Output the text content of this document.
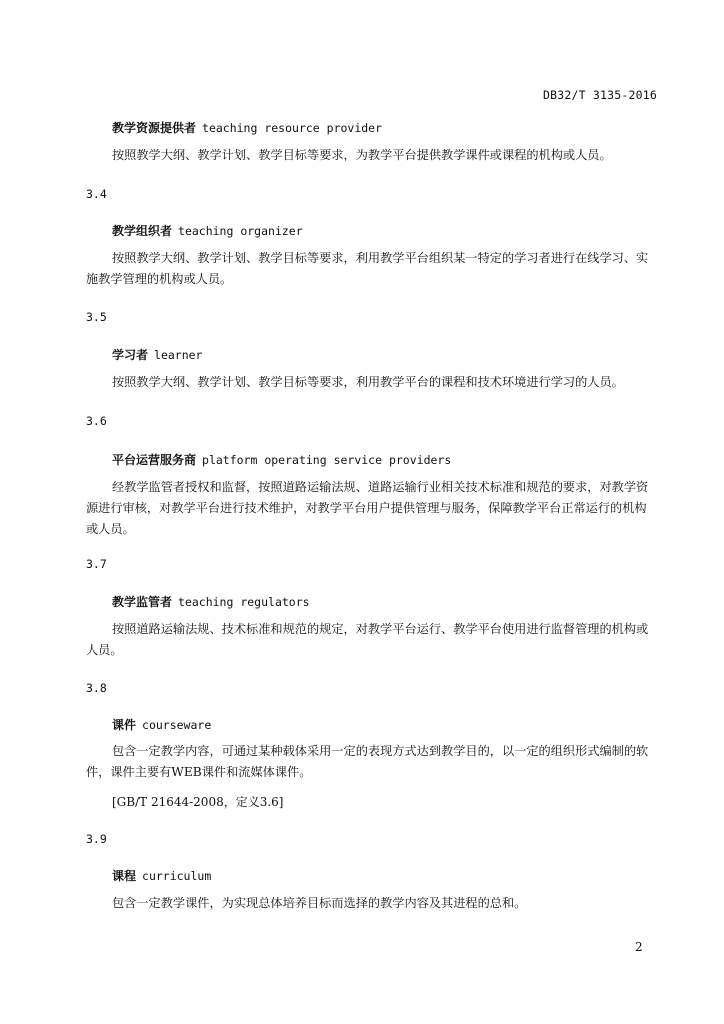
DB32/T 3135-2016
教学资源提供者 teaching resource provider

按照教学大纲、教学计划、教学目标等要求，为教学平台提供教学课件或课程的机构或人员。

3.4
教学组织者 teaching organizer

按照教学大纲、教学计划、教学目标等要求，利用教学平台组织某一特定的学习者进行在线学习、实施教学管理的机构或人员。

3.5
学习者 learner

按照教学大纲、教学计划、教学目标等要求，利用教学平台的课程和技术环境进行学习的人员。

3.6
平台运营服务商 platform operating service providers

经教学监管者授权和监督，按照道路运输法规、道路运输行业相关技术标准和规范的要求，对教学资源进行审核，对教学平台进行技术维护，对教学平台用户提供管理与服务，保障教学平台正常运行的机构或人员。

3.7
教学监管者 teaching regulators

按照道路运输法规、技术标准和规范的规定，对教学平台运行、教学平台使用进行监督管理的机构或人员。

3.8
课件 courseware

包含一定教学内容，可通过某种载体采用一定的表现方式达到教学目的，以一定的组织形式编制的软件，课件主要有WEB课件和流媒体课件。

[GB/T 21644-2008，定义3.6]
3.9
课程 curriculum

包含一定教学课件，为实现总体培养目标而选择的教学内容及其进程的总和。

2
